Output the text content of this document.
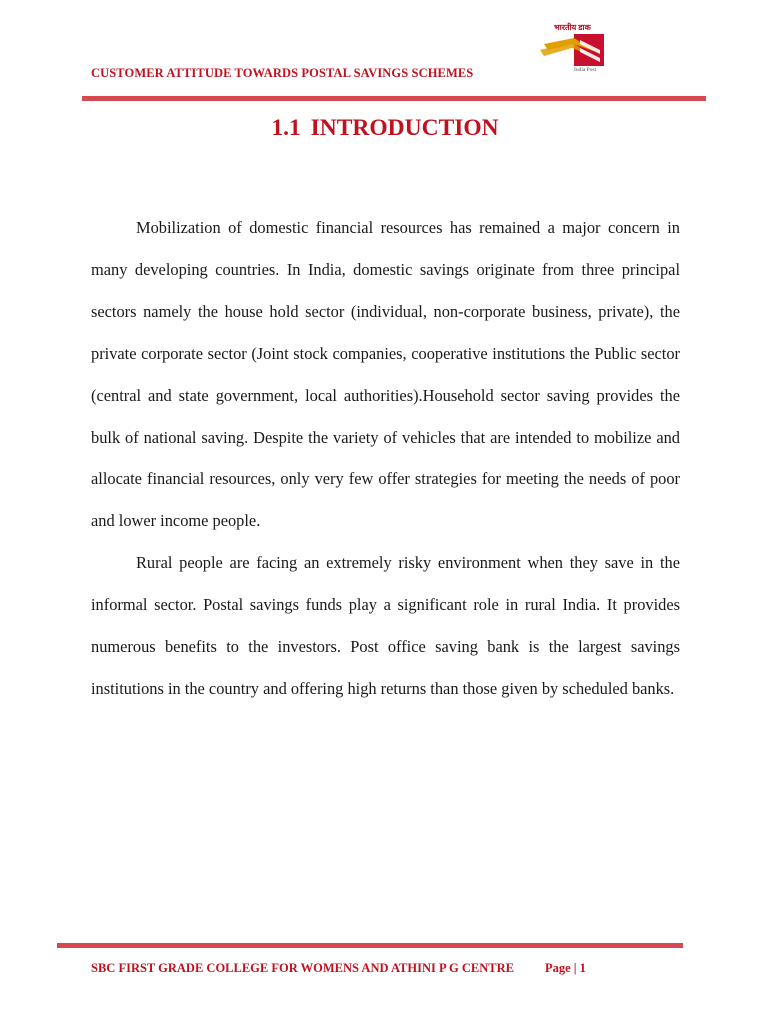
CUSTOMER ATTITUDE TOWARDS POSTAL SAVINGS SCHEMES
भारतीय डाक
India Post
1.1 INTRODUCTION

Mobilization of domestic financial resources has remained a major concern in many developing countries. In India, domestic savings originate from three principal sectors namely the house hold sector (individual, non-corporate business, private), the private corporate sector (Joint stock companies, cooperative institutions the Public sector (central and state government, local authorities).Household sector saving provides the bulk of national saving. Despite the variety of vehicles that are intended to mobilize and allocate financial resources, only very few offer strategies for meeting the needs of poor and lower income people.

Rural people are facing an extremely risky environment when they save in the informal sector. Postal savings funds play a significant role in rural India. It provides numerous benefits to the investors. Post office saving bank is the largest savings institutions in the country and offering high returns than those given by scheduled banks.

SBC FIRST GRADE COLLEGE FOR WOMENS AND ATHINI P G CENTRE Page | 1
